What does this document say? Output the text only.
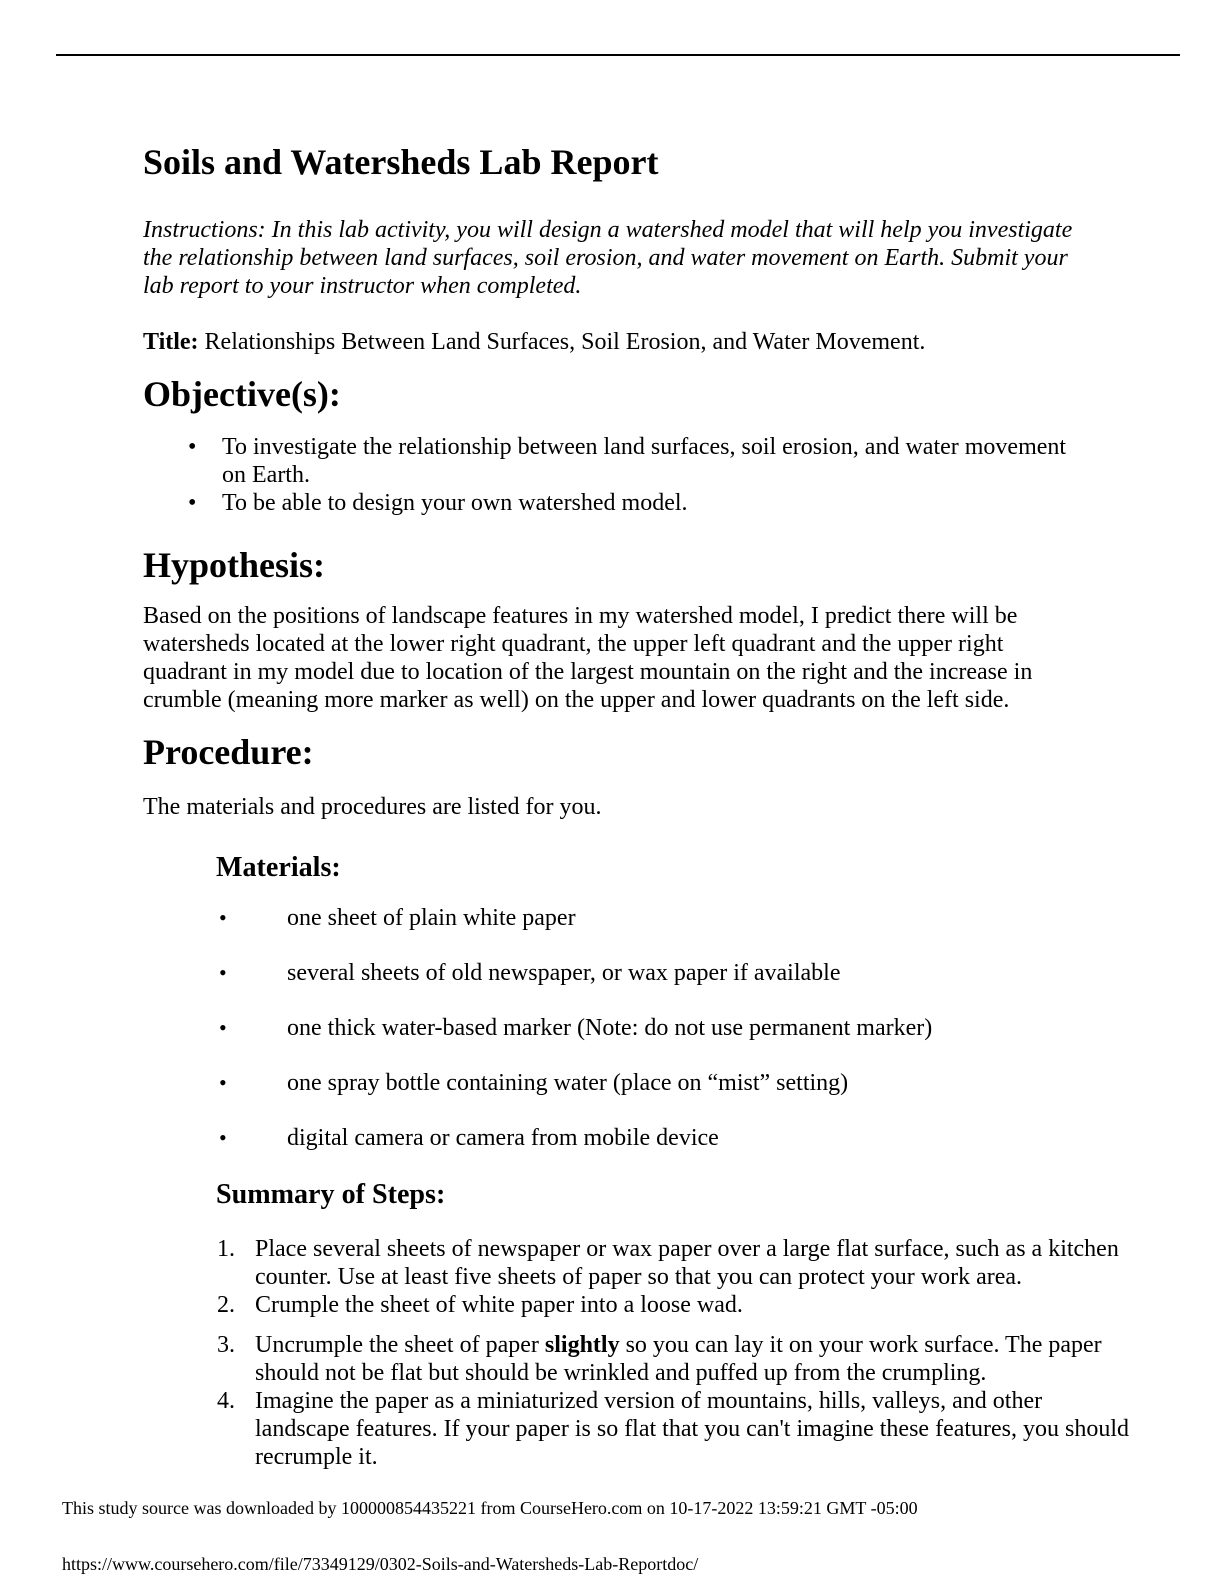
Soils and Watersheds Lab Report

Instructions: In this lab activity, you will design a watershed model that will help you investigate the relationship between land surfaces, soil erosion, and water movement on Earth. Submit your lab report to your instructor when completed.

Title: Relationships Between Land Surfaces, Soil Erosion, and Water Movement.

Objective(s):
• To investigate the relationship between land surfaces, soil erosion, and water movement on Earth.
• To be able to design your own watershed model.
Hypothesis:

Based on the positions of landscape features in my watershed model, I predict there will be watersheds located at the lower right quadrant, the upper left quadrant and the upper right quadrant in my model due to location of the largest mountain on the right and the increase in crumble (meaning more marker as well) on the upper and lower quadrants on the left side.

Procedure:

The materials and procedures are listed for you.

Materials:
•	one sheet of plain white paper
•	several sheets of old newspaper, or wax paper if available
•	one thick water-based marker (Note: do not use permanent marker)
•	one spray bottle containing water (place on “mist” setting)
•	digital camera or camera from mobile device
Summary of Steps:
1. Place several sheets of newspaper or wax paper over a large flat surface, such as a kitchen counter. Use at least five sheets of paper so that you can protect your work area.
2. Crumple the sheet of white paper into a loose wad.
3. Uncrumple the sheet of paper slightly so you can lay it on your work surface. The paper should not be flat but should be wrinkled and puffed up from the crumpling.
4. Imagine the paper as a miniaturized version of mountains, hills, valleys, and other landscape features. If your paper is so flat that you can't imagine these features, you should recrumple it.

This study source was downloaded by 100000854435221 from CourseHero.com on 10-17-2022 13:59:21 GMT -05:00

https://www.coursehero.com/file/73349129/0302-Soils-and-Watersheds-Lab-Reportdoc/
